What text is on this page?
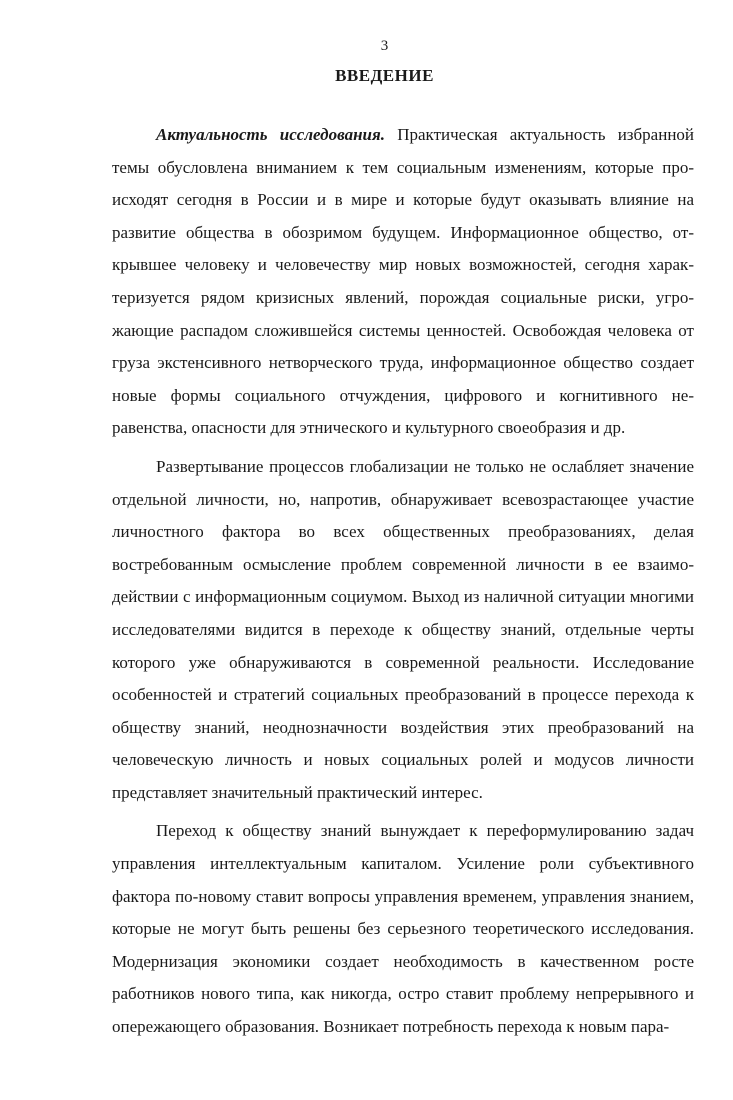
3
ВВЕДЕНИЕ

Актуальность исследования. Практическая актуальность избранной темы обусловлена вниманием к тем социальным изменениям, которые происходят сегодня в России и в мире и которые будут оказывать влияние на развитие общества в обозримом будущем. Информационное общество, открывшее человеку и человечеству мир новых возможностей, сегодня характеризуется рядом кризисных явлений, порождая социальные риски, угрожающие распадом сложившейся системы ценностей. Освобождая человека от груза экстенсивного нетворческого труда, информационное общество создает новые формы социального отчуждения, цифрового и когнитивного неравенства, опасности для этнического и культурного своеобразия и др.

Развертывание процессов глобализации не только не ослабляет значение отдельной личности, но, напротив, обнаруживает всевозрастающее участие личностного фактора во всех общественных преобразованиях, делая востребованным осмысление проблем современной личности в ее взаимодействии с информационным социумом. Выход из наличной ситуации многими исследователями видится в переходе к обществу знаний, отдельные черты которого уже обнаруживаются в современной реальности. Исследование особенностей и стратегий социальных преобразований в процессе перехода к обществу знаний, неоднозначности воздействия этих преобразований на человеческую личность и новых социальных ролей и модусов личности представляет значительный практический интерес.

Переход к обществу знаний вынуждает к переформулированию задач управления интеллектуальным капиталом. Усиление роли субъективного фактора по-новому ставит вопросы управления временем, управления знанием, которые не могут быть решены без серьезного теоретического исследования. Модернизация экономики создает необходимость в качественном росте работников нового типа, как никогда, остро ставит проблему непрерывного и опережающего образования. Возникает потребность перехода к новым пара-
